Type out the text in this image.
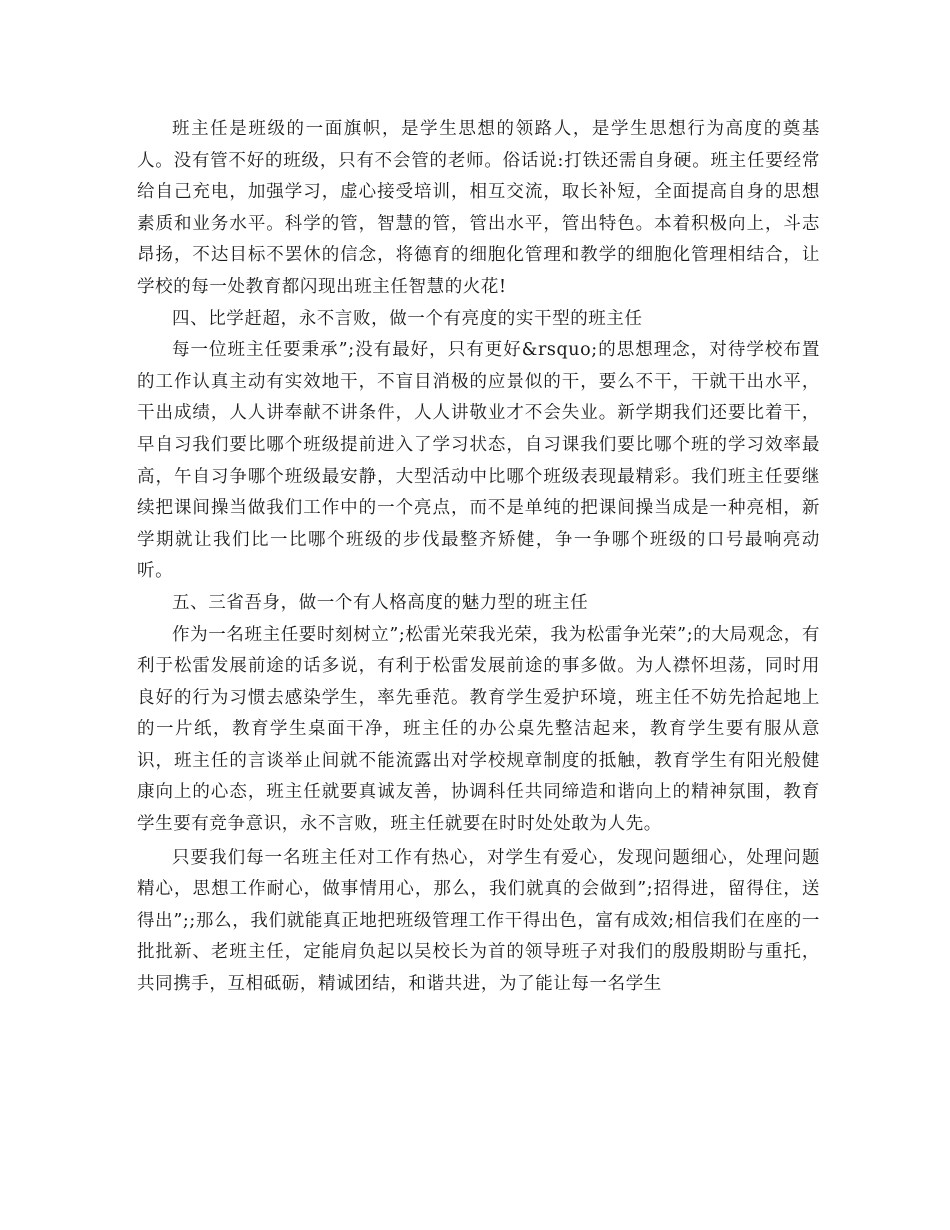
班主任是班级的一面旗帜，是学生思想的领路人，是学生思想行为高度的奠基人。没有管不好的班级，只有不会管的老师。俗话说:打铁还需自身硬。班主任要经常给自己充电，加强学习，虚心接受培训，相互交流，取长补短，全面提高自身的思想素质和业务水平。科学的管，智慧的管，管出水平，管出特色。本着积极向上，斗志昂扬，不达目标不罢休的信念，将德育的细胞化管理和教学的细胞化管理相结合，让学校的每一处教育都闪现出班主任智慧的火花!

四、比学赶超，永不言败，做一个有亮度的实干型的班主任

每一位班主任要秉承”;没有最好，只有更好&rsquo;的思想理念，对待学校布置的工作认真主动有实效地干，不盲目消极的应景似的干，要么不干，干就干出水平，干出成绩，人人讲奉献不讲条件，人人讲敬业才不会失业。新学期我们还要比着干，早自习我们要比哪个班级提前进入了学习状态，自习课我们要比哪个班的学习效率最高，午自习争哪个班级最安静，大型活动中比哪个班级表现最精彩。我们班主任要继续把课间操当做我们工作中的一个亮点，而不是单纯的把课间操当成是一种亮相，新学期就让我们比一比哪个班级的步伐最整齐矫健，争一争哪个班级的口号最响亮动听。

五、三省吾身，做一个有人格高度的魅力型的班主任

作为一名班主任要时刻树立”;松雷光荣我光荣，我为松雷争光荣”;的大局观念，有利于松雷发展前途的话多说，有利于松雷发展前途的事多做。为人襟怀坦荡，同时用良好的行为习惯去感染学生，率先垂范。教育学生爱护环境，班主任不妨先拾起地上的一片纸，教育学生桌面干净，班主任的办公桌先整洁起来，教育学生要有服从意识，班主任的言谈举止间就不能流露出对学校规章制度的抵触，教育学生有阳光般健康向上的心态，班主任就要真诚友善，协调科任共同缔造和谐向上的精神氛围，教育学生要有竞争意识，永不言败，班主任就要在时时处处敢为人先。

只要我们每一名班主任对工作有热心，对学生有爱心，发现问题细心，处理问题精心，思想工作耐心，做事情用心，那么，我们就真的会做到”;招得进，留得住，送得出”;;那么，我们就能真正地把班级管理工作干得出色，富有成效;相信我们在座的一批批新、老班主任，定能肩负起以吴校长为首的领导班子对我们的殷殷期盼与重托，共同携手，互相砥砺，精诚团结，和谐共进，为了能让每一名学生
